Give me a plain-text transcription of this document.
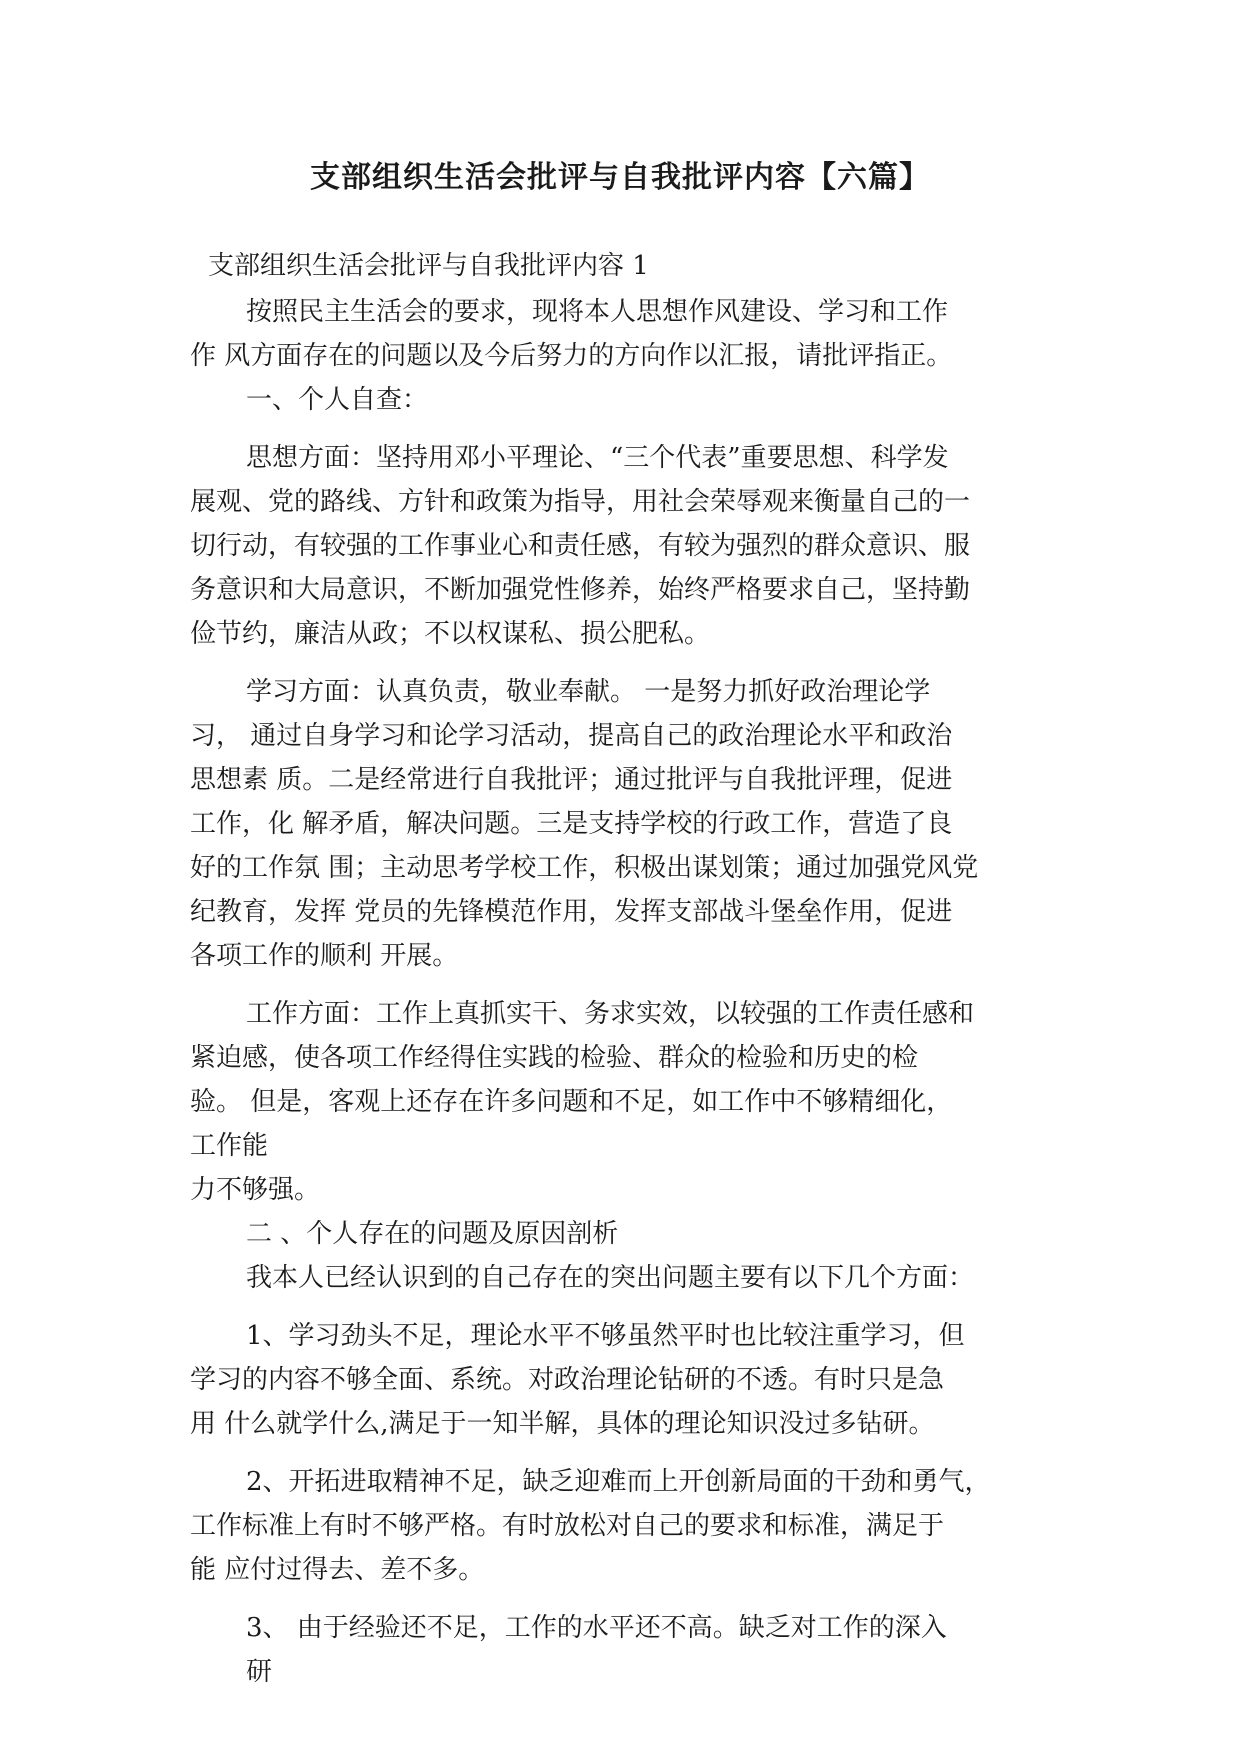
支部组织生活会批评与自我批评内容【六篇】
支部组织生活会批评与自我批评内容 1
按照民主生活会的要求，现将本人思想作风建设、学习和工作
作 风方面存在的问题以及今后努力的方向作以汇报，请批评指正。
一、个人自查：
思想方面：坚持用邓小平理论、“三个代表”重要思想、科学发
展观、党的路线、方针和政策为指导，用社会荣辱观来衡量自己的一
切行动，有较强的工作事业心和责任感，有较为强烈的群众意识、服
务意识和大局意识，不断加强党性修养，始终严格要求自己，坚持勤
俭节约，廉洁从政；不以权谋私、损公肥私。
学习方面：认真负责，敬业奉献。 一是努力抓好政治理论学
习， 通过自身学习和论学习活动，提高自己的政治理论水平和政治
思想素 质。二是经常进行自我批评；通过批评与自我批评理，促进
工作，化 解矛盾，解决问题。三是支持学校的行政工作，营造了良
好的工作氛 围；主动思考学校工作，积极出谋划策；通过加强党风党
纪教育，发挥 党员的先锋模范作用，发挥支部战斗堡垒作用，促进
各项工作的顺利 开展。
工作方面：工作上真抓实干、务求实效，以较强的工作责任感和
紧迫感，使各项工作经得住实践的检验、群众的检验和历史的检
验。 但是，客观上还存在许多问题和不足，如工作中不够精细化，
工作能
力不够强。
二 、个人存在的问题及原因剖析
我本人已经认识到的自己存在的突出问题主要有以下几个方面：
1、学习劲头不足，理论水平不够虽然平时也比较注重学习，但
学习的内容不够全面、系统。对政治理论钻研的不透。有时只是急
用 什么就学什么,满足于一知半解，具体的理论知识没过多钻研。
2、开拓进取精神不足，缺乏迎难而上开创新局面的干劲和勇气，
工作标准上有时不够严格。有时放松对自己的要求和标准，满足于
能 应付过得去、差不多。
3、 由于经验还不足，工作的水平还不高。缺乏对工作的深入
研
